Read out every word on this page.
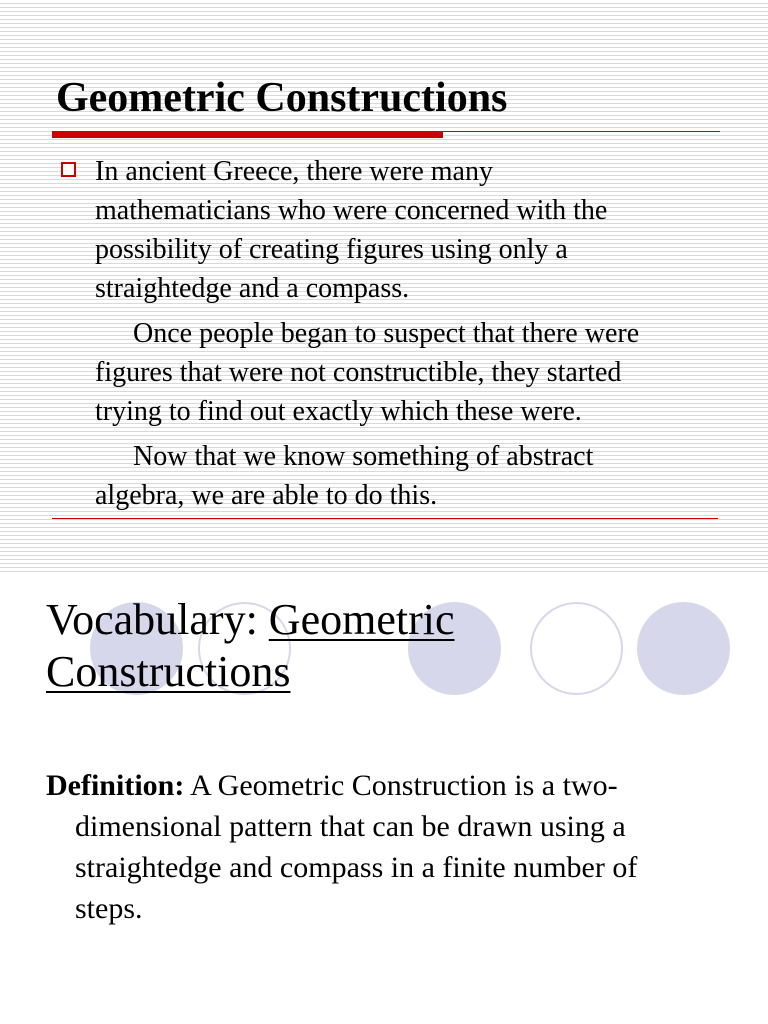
Geometric Constructions

In ancient Greece, there were many
mathematicians who were concerned with the
possibility of creating figures using only a
straightedge and a compass.

Once people began to suspect that there were
figures that were not constructible, they started
trying to find out exactly which these were.

Now that we know something of abstract
algebra, we are able to do this.

Vocabulary: Geometric
Constructions
Definition: A Geometric Construction is a two-
dimensional pattern that can be drawn using a
straightedge and compass in a finite number of
steps.
